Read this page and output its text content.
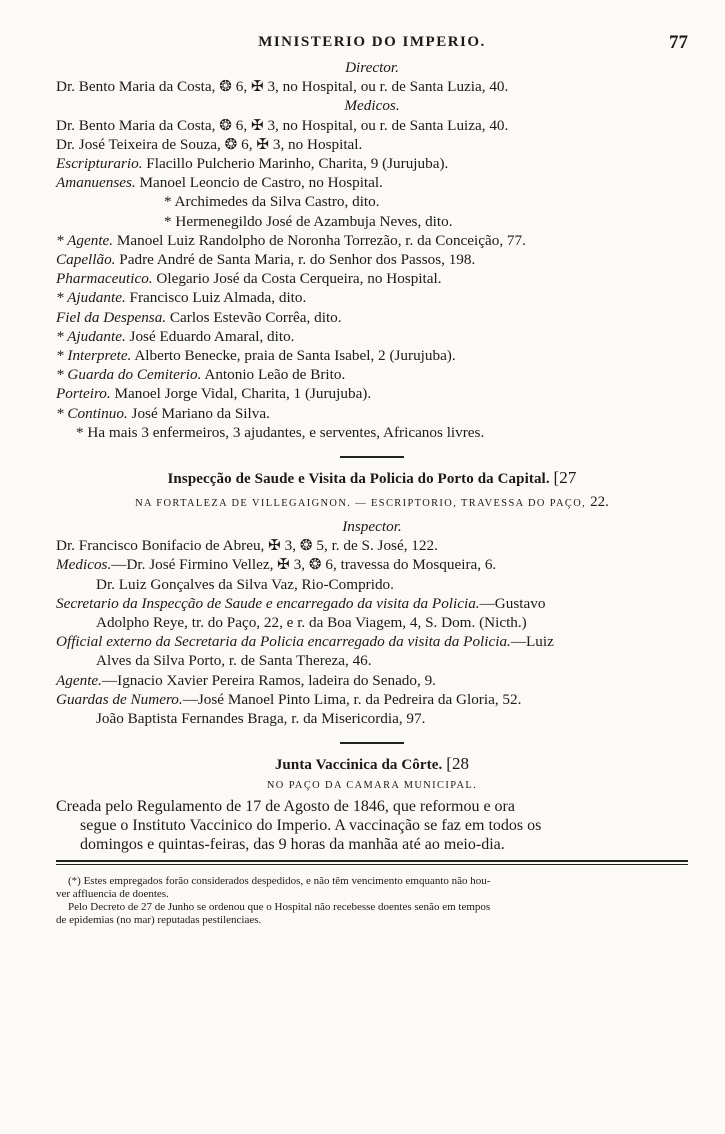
MINISTERIO DO IMPERIO.	77
Director.
Dr. Bento Maria da Costa, ❂ 6, ✠ 3, no Hospital, ou r. de Santa Luzia, 40.
Medicos.
Dr. Bento Maria da Costa, ❂ 6, ✠ 3, no Hospital, ou r. de Santa Luiza, 40.
Dr. José Teixeira de Souza, ❂ 6, ✠ 3, no Hospital.
Escripturario. Flacillo Pulcherio Marinho, Charita, 9 (Jurujuba).
Amanuenses. Manoel Leoncio de Castro, no Hospital.
* Archimedes da Silva Castro, dito.
* Hermenegildo José de Azambuja Neves, dito.
* Agente. Manoel Luiz Randolpho de Noronha Torrezão, r. da Conceição, 77.
Capellão. Padre André de Santa Maria, r. do Senhor dos Passos, 198.
Pharmaceutico. Olegario José da Costa Cerqueira, no Hospital.
* Ajudante. Francisco Luiz Almada, dito.
Fiel da Despensa. Carlos Estevão Corrêa, dito.
* Ajudante. José Eduardo Amaral, dito.
* Interprete. Alberto Benecke, praia de Santa Isabel, 2 (Jurujuba).
* Guarda do Cemiterio. Antonio Leão de Brito.
Porteiro. Manoel Jorge Vidal, Charita, 1 (Jurujuba).
* Continuo. José Mariano da Silva.
* Ha mais 3 enfermeiros, 3 ajudantes, e serventes, Africanos livres.
Inspecção de Saude e Visita da Policia do Porto da Capital. [27
NA FORTALEZA DE VILLEGAIGNON. — ESCRIPTORIO, TRAVESSA DO PAÇO, 22.
Inspector.
Dr. Francisco Bonifacio de Abreu, ✠ 3, ❂ 5, r. de S. José, 122.
Medicos.—Dr. José Firmino Vellez, ✠ 3, ❂ 6, travessa do Mosqueira, 6.
Dr. Luiz Gonçalves da Silva Vaz, Rio-Comprido.
Secretario da Inspecção de Saude e encarregado da visita da Policia.—Gustavo
Adolpho Reye, tr. do Paço, 22, e r. da Boa Viagem, 4, S. Dom. (Nicth.)
Official externo da Secretaria da Policia encarregado da visita da Policia.—Luiz
Alves da Silva Porto, r. de Santa Thereza, 46.
Agente.—Ignacio Xavier Pereira Ramos, ladeira do Senado, 9.
Guardas de Numero.—José Manoel Pinto Lima, r. da Pedreira da Gloria, 52.
João Baptista Fernandes Braga, r. da Misericordia, 97.
Junta Vaccinica da Côrte. [28
NO PAÇO DA CAMARA MUNICIPAL.
Creada pelo Regulamento de 17 de Agosto de 1846, que reformou e ora
segue o Instituto Vaccinico do Imperio. A vaccinação se faz em todos os
domingos e quintas-feiras, das 9 horas da manhãa até ao meio-dia.
(*) Estes empregados forão considerados despedidos, e não têm vencimento emquanto não hou-
ver affluencia de doentes.
Pelo Decreto de 27 de Junho se ordenou que o Hospital não recebesse doentes senão em tempos
de epidemias (no mar) reputadas pestilenciaes.
